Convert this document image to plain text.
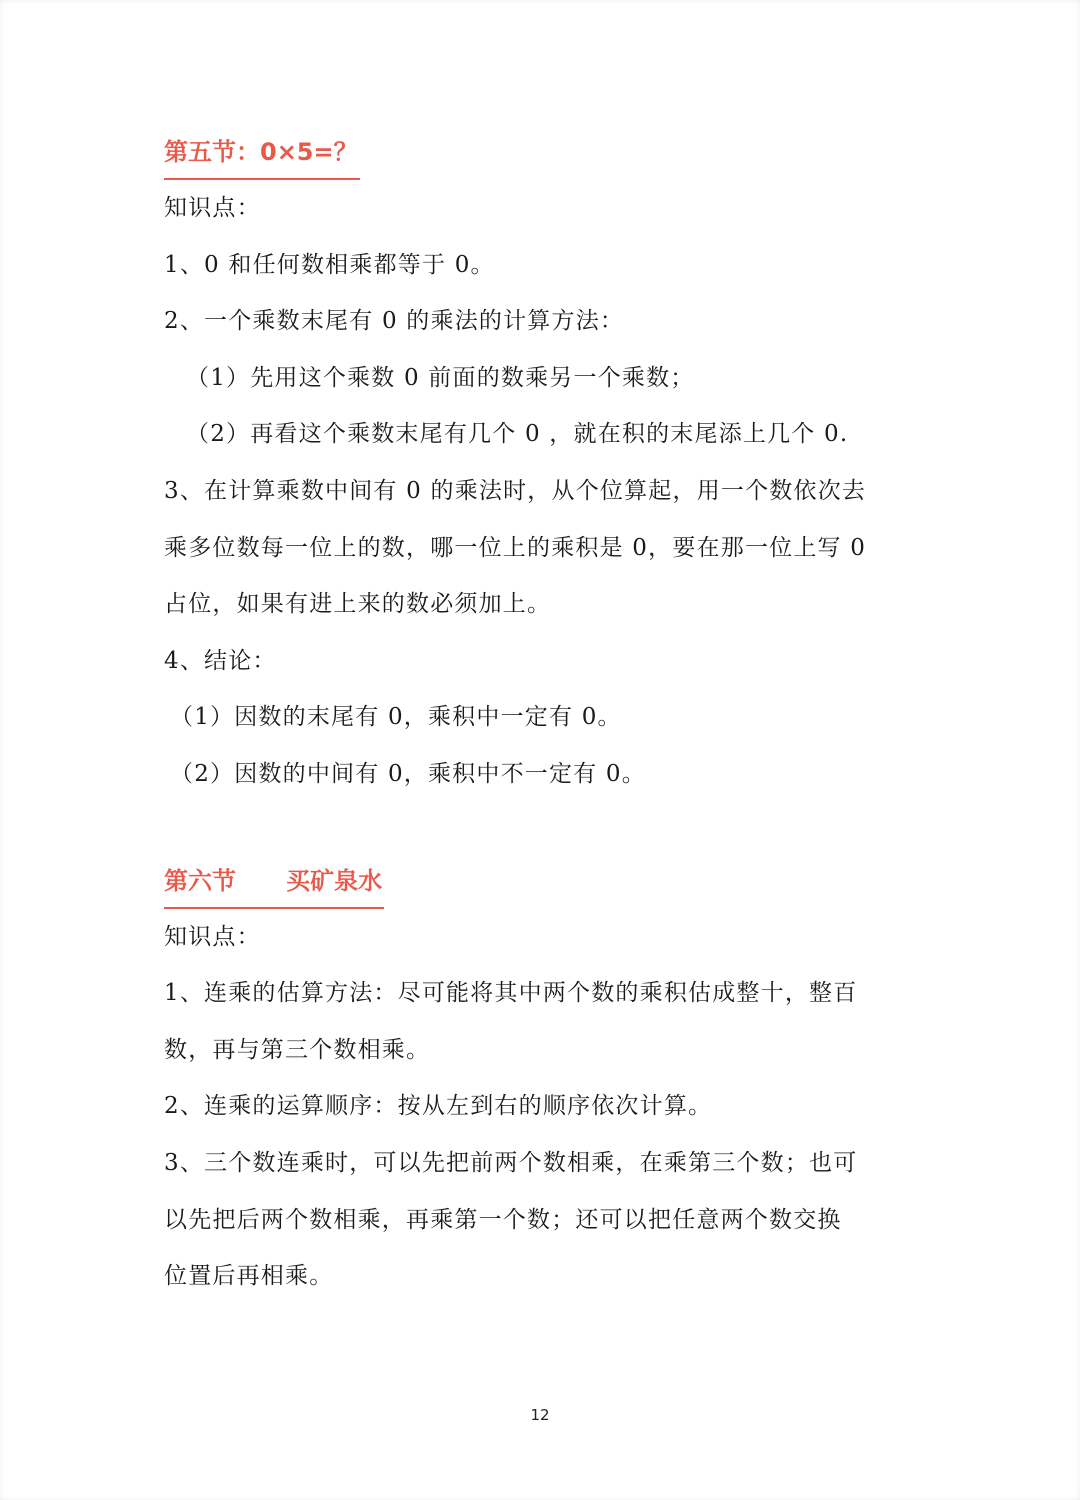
第五节：0×5=？
知识点：
1、0 和任何数相乘都等于 0。
2、一个乘数末尾有 0 的乘法的计算方法：
（1）先用这个乘数 0 前面的数乘另一个乘数；
（2）再看这个乘数末尾有几个 0 ，就在积的末尾添上几个 0.
3、在计算乘数中间有 0 的乘法时，从个位算起，用一个数依次去
乘多位数每一位上的数，哪一位上的乘积是 0，要在那一位上写 0
占位，如果有进上来的数必须加上。
4、结论：
（1）因数的末尾有 0，乘积中一定有 0。
（2）因数的中间有 0，乘积中不一定有 0。
第六节      买矿泉水
知识点：
1、连乘的估算方法：尽可能将其中两个数的乘积估成整十，整百
数，再与第三个数相乘。
2、连乘的运算顺序：按从左到右的顺序依次计算。
3、三个数连乘时，可以先把前两个数相乘，在乘第三个数；也可
以先把后两个数相乘，再乘第一个数；还可以把任意两个数交换
位置后再相乘。
12
